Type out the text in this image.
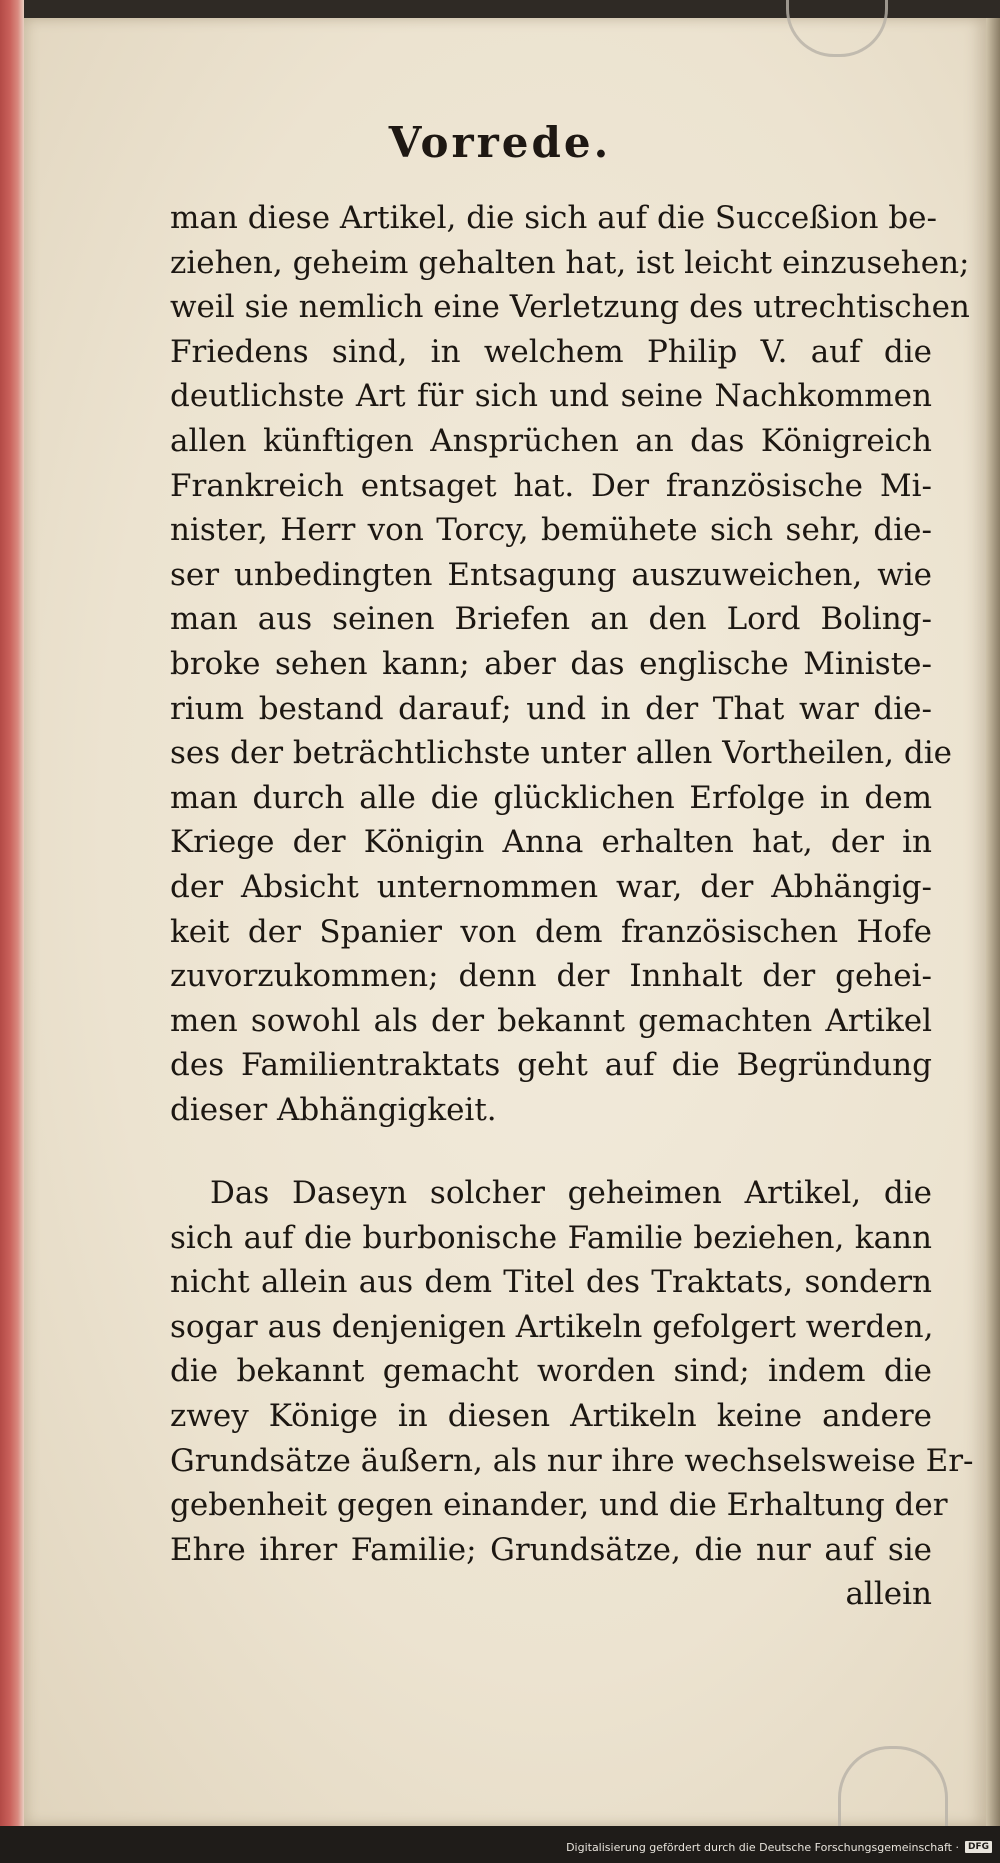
Vorrede.
man diese Artikel, die sich auf die Succeßion be-
ziehen, geheim gehalten hat, ist leicht einzusehen;
weil sie nemlich eine Verletzung des utrechtischen
Friedens sind, in welchem Philip V. auf die
deutlichste Art für sich und seine Nachkommen
allen künftigen Ansprüchen an das Königreich
Frankreich entsaget hat. Der französische Mi-
nister, Herr von Torcy, bemühete sich sehr, die-
ser unbedingten Entsagung auszuweichen, wie
man aus seinen Briefen an den Lord Boling-
broke sehen kann; aber das englische Ministe-
rium bestand darauf; und in der That war die-
ses der beträchtlichste unter allen Vortheilen, die
man durch alle die glücklichen Erfolge in dem
Kriege der Königin Anna erhalten hat, der in
der Absicht unternommen war, der Abhängig-
keit der Spanier von dem französischen Hofe
zuvorzukommen; denn der Innhalt der gehei-
men sowohl als der bekannt gemachten Artikel
des Familientraktats geht auf die Begründung
dieser Abhängigkeit.
Das Daseyn solcher geheimen Artikel, die
sich auf die burbonische Familie beziehen, kann
nicht allein aus dem Titel des Traktats, sondern
sogar aus denjenigen Artikeln gefolgert werden,
die bekannt gemacht worden sind; indem die
zwey Könige in diesen Artikeln keine andere
Grundsätze äußern, als nur ihre wechselsweise Er-
gebenheit gegen einander, und die Erhaltung der
Ehre ihrer Familie; Grundsätze, die nur auf sie
allein
Digitalisierung gefördert durch die Deutsche Forschungsgemeinschaft ·	DFG
